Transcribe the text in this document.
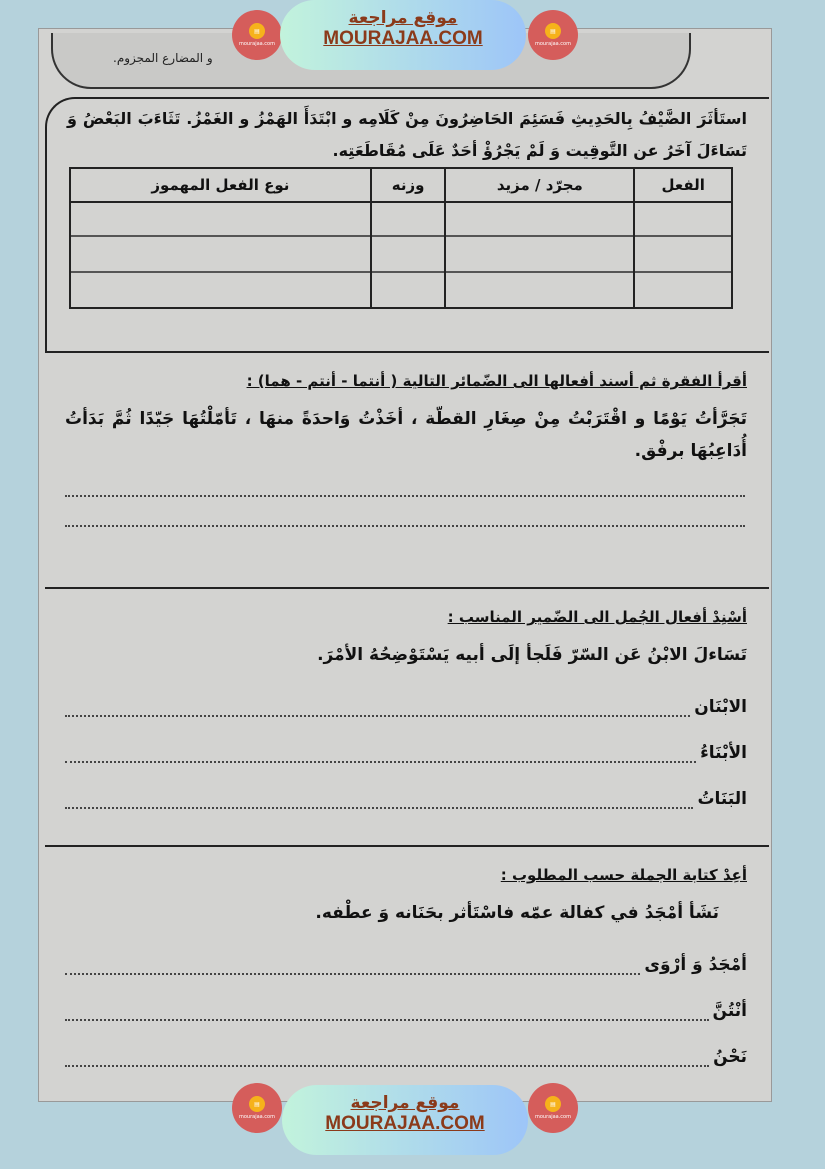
و المضارع المجزوم.

استَأثَرَ الضَّيْفُ بِالحَدِيثِ فَسَئِمَ الحَاضِرُونَ مِنْ كَلَامِه و ابْتَدَأَ الهَمْزُ و الغَمْزُ. تَثَاءَبَ البَعْضُ وَ تَسَاءَلَ آخَرُ عن التَّوقِيت وَ لَمْ يَجْرُؤْ أحَدٌ عَلَى مُقَاطَعَتِه.

الفعل	مجرّد / مزيد	وزنه	نوع الفعل المهموز

أقرأ الفقرة ثم أسند أفعالها الى الضّمائر التالية ( أنتما - أنتم - هما) :

تَجَرَّأتُ يَوْمًا و اقْتَرَبْتُ مِنْ صِغَارِ القطّة ، أخَذْتُ وَاحدَةً منهَا ، تَأمّلْتُهَا جَيّدًا ثُمَّ بَدَأتُ أُدَاعِبُهَا برفْق.

أسْنِدْ أفعال الجُمل الى الضّمير المناسب :

تَسَاءلَ الابْنُ عَن السّرّ فَلَجأ إلَى أبيه يَسْتَوْضِحُهُ الأمْرَ.

الابْنَان
الأبْنَاءُ
البَنَاتُ

أعِدْ كتابة الجملة حسب المطلوب :

نَشَأ أمْجَدُ في كفالة عمّه فاسْتَأثر بحَنَانه وَ عطْفه.

أمْجَدُ وَ أرْوَى
أنْتُنَّ
نَحْنُ
▤
mourajaa.com
موقع مراجعة
MOURAJAA.COM	▤
mourajaa.com
▤
mourajaa.com
موقع مراجعة
MOURAJAA.COM
▤
mourajaa.com
